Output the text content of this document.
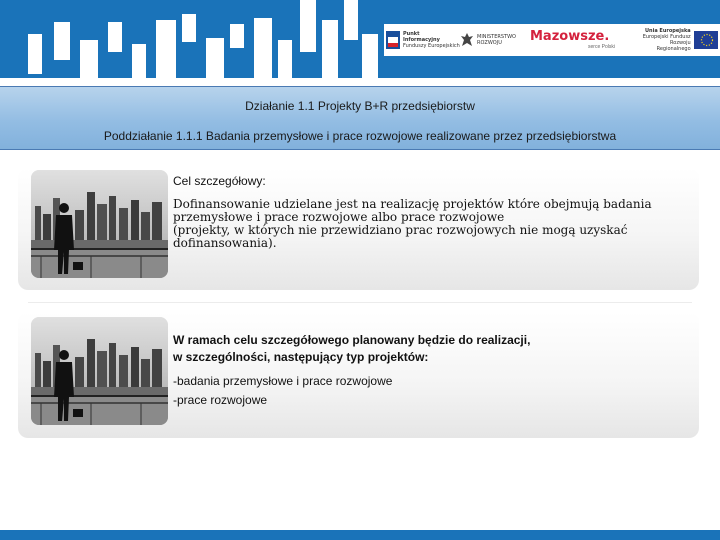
Punkt
Informacyjny
Funduszy Europejskich
MINISTERSTWO
ROZWOJU	Mazowsze.
serce Polski
Unia Europejska
Europejski Fundusz
Rozwoju Regionalnego
Działanie 1.1 Projekty B+R przedsiębiorstw
Poddziałanie 1.1.1 Badania przemysłowe i prace rozwojowe realizowane przez przedsiębiorstwa
Cel szczegółowy:
Dofinansowanie udzielane jest na realizację projektów które obejmują badania
przemysłowe i prace rozwojowe albo prace rozwojowe
(projekty, w których nie przewidziano prac rozwojowych nie mogą uzyskać
dofinansowania).
W ramach celu szczegółowego planowany będzie do realizacji,
w szczególności, następujący typ projektów:
-badania przemysłowe i prace rozwojowe
-prace rozwojowe
